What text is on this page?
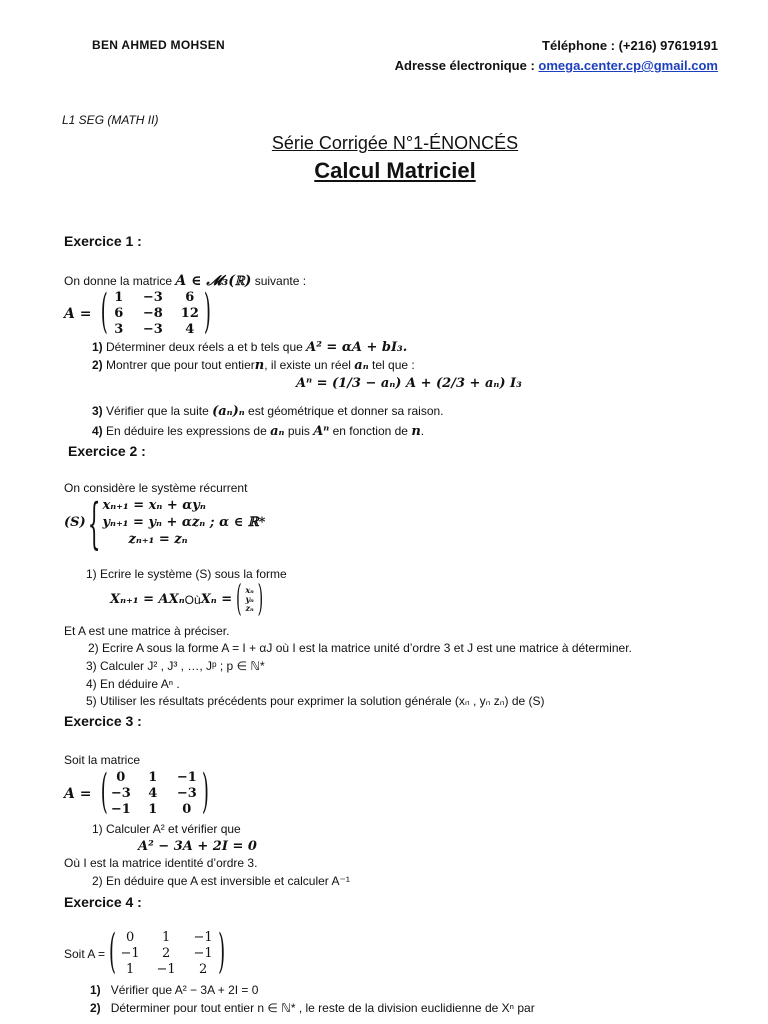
BEN AHMED MOHSEN	Téléphone : (+216) 97619191
Adresse électronique : omega.center.cp@gmail.com
L1 SEG (MATH II)
Série Corrigée N°1-ÉNONCÉS
Calcul Matriciel
Exercice 1 :
On donne la matrice A ∈ 𝓜₃(ℝ) suivante :
A = ( 1	−3	6
6	−8	12
3	−3	4 )
1) Déterminer deux réels a et b tels que A² = αA + bI₃.
2) Montrer que pour tout entiern, il existe un réel aₙ tel que :
Aⁿ = (1/3 − aₙ) A + (2/3 + aₙ) I₃
3) Vérifier que la suite (aₙ)ₙ est géométrique et donner sa raison.
4) En déduire les expressions de aₙ puis Aⁿ en fonction de n.
Exercice 2 :
On considère le système récurrent
(S) { xₙ₊₁ = xₙ + αyₙ
yₙ₊₁ = yₙ + αzₙ ; α ∈ ℝ*
zₙ₊₁ = zₙ
1) Ecrire le système (S) sous la forme
Xₙ₊₁ = AXₙ Où Xₙ = ( xₙ
yₙ
zₙ )
Et A est une matrice à préciser.
2) Ecrire A sous la forme A = I + αJ où I est la matrice unité d’ordre 3 et J est une matrice à déterminer.
3) Calculer J² , J³ , …, Jᵖ ; p ∈ ℕ*
4) En déduire Aⁿ .
5) Utiliser les résultats précédents pour exprimer la solution générale (xₙ , yₙ zₙ) de (S)
Exercice 3 :
Soit la matrice
A = ( 0	1	−1
−3	4	−3
−1	1	0 )
1) Calculer A² et vérifier que
A² − 3A + 2I = 0
Où I est la matrice identité d’ordre 3.
2) En déduire que A est inversible et calculer A⁻¹
Exercice 4 :
Soit A = ( 0	1	−1
−1	2	−1
1	−1	2 )
1) Vérifier que A² − 3A + 2I = 0
2) Déterminer pour tout entier n ∈ ℕ* , le reste de la division euclidienne de Xⁿ par
